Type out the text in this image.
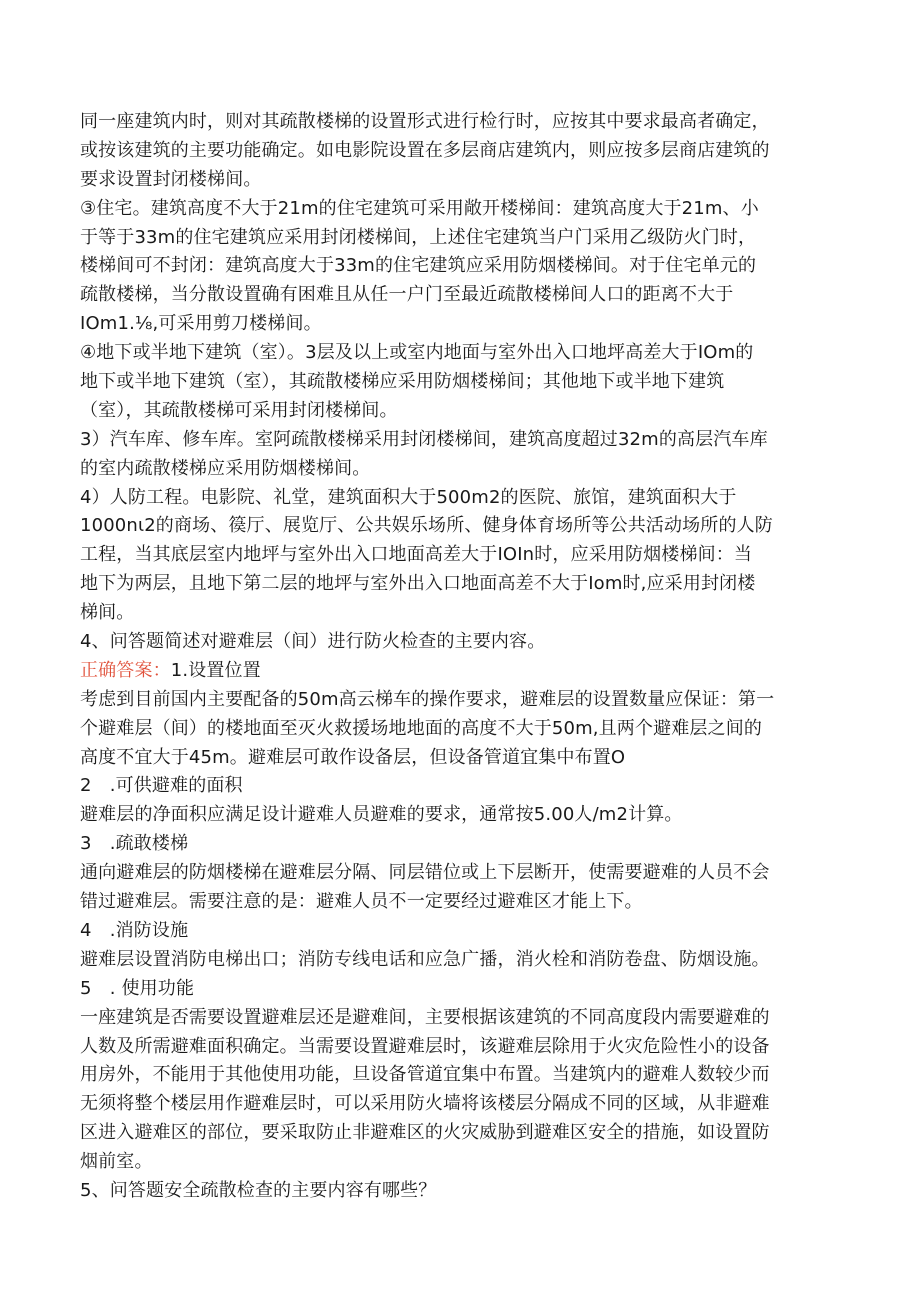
同一座建筑内时，则对其疏散楼梯的设置形式进行检行时，应按其中要求最高者确定，
或按该建筑的主要功能确定。如电影院设置在多层商店建筑内，则应按多层商店建筑的
要求设置封闭楼梯间。
③住宅。建筑高度不大于21m的住宅建筑可采用敞开楼梯间：建筑高度大于21m、小
于等于33m的住宅建筑应采用封闭楼梯间，上述住宅建筑当户门采用乙级防火门时，
楼梯间可不封闭：建筑高度大于33m的住宅建筑应采用防烟楼梯间。对于住宅单元的
疏散楼梯，当分散设置确有困难且从任一户门至最近疏散楼梯间人口的距离不大于
IOm1.⅛,可采用剪刀楼梯间。
④地下或半地下建筑（室）。3层及以上或室内地面与室外出入口地坪高差大于IOm的
地下或半地下建筑（室），其疏散楼梯应采用防烟楼梯间；其他地下或半地下建筑
（室），其疏散楼梯可采用封闭楼梯间。
3）汽车库、修车库。室阿疏散楼梯采用封闭楼梯间，建筑高度超过32m的高层汽车库
的室内疏散楼梯应采用防烟楼梯间。
4）人防工程。电影院、礼堂，建筑面积大于500m2的医院、旅馆，建筑面积大于
1000nι2的商场、篌厅、展览厅、公共娱乐场所、健身体育场所等公共活动场所的人防
工程，当其底层室内地坪与室外出入口地面高差大于IOIn时，应采用防烟楼梯间：当
地下为两层，且地下第二层的地坪与室外出入口地面高差不大于Iom时,应采用封闭楼
梯间。
4、问答题简述对避难层（间）进行防火检查的主要内容。
正确答案：1.设置位置
考虑到目前国内主要配备的50m高云梯车的操作要求，避难层的设置数量应保证：第一
个避难层（间）的楼地面至灭火救援场地地面的高度不大于50m,且两个避难层之间的
高度不宜大于45m。避难层可敢作设备层，但设备管道宜集中布置O
2　.可供避难的面积
避难层的净面积应满足设计避难人员避难的要求，通常按5.00人/m2计算。
3　.疏敢楼梯
通向避难层的防烟楼梯在避难层分隔、同层错位或上下层断开，使需要避难的人员不会
错过避难层。需要注意的是：避难人员不一定要经过避难区才能上下。
4　.消防设施
避难层设置消防电梯出口；消防专线电话和应急广播，消火栓和消防卷盘、防烟设施。
5　. 使用功能
一座建筑是否需要设置避难层还是避难间，主要根据该建筑的不同高度段内需要避难的
人数及所需避难面积确定。当需要设置避难层时，该避难层除用于火灾危险性小的设备
用房外，不能用于其他使用功能，旦设备管道宜集中布置。当建筑内的避难人数较少而
无须将整个楼层用作避难层时，可以采用防火墙将该楼层分隔成不同的区域，从非避难
区进入避难区的部位，要采取防止非避难区的火灾威胁到避难区安全的措施，如设置防
烟前室。
5、问答题安全疏散检查的主要内容有哪些？
